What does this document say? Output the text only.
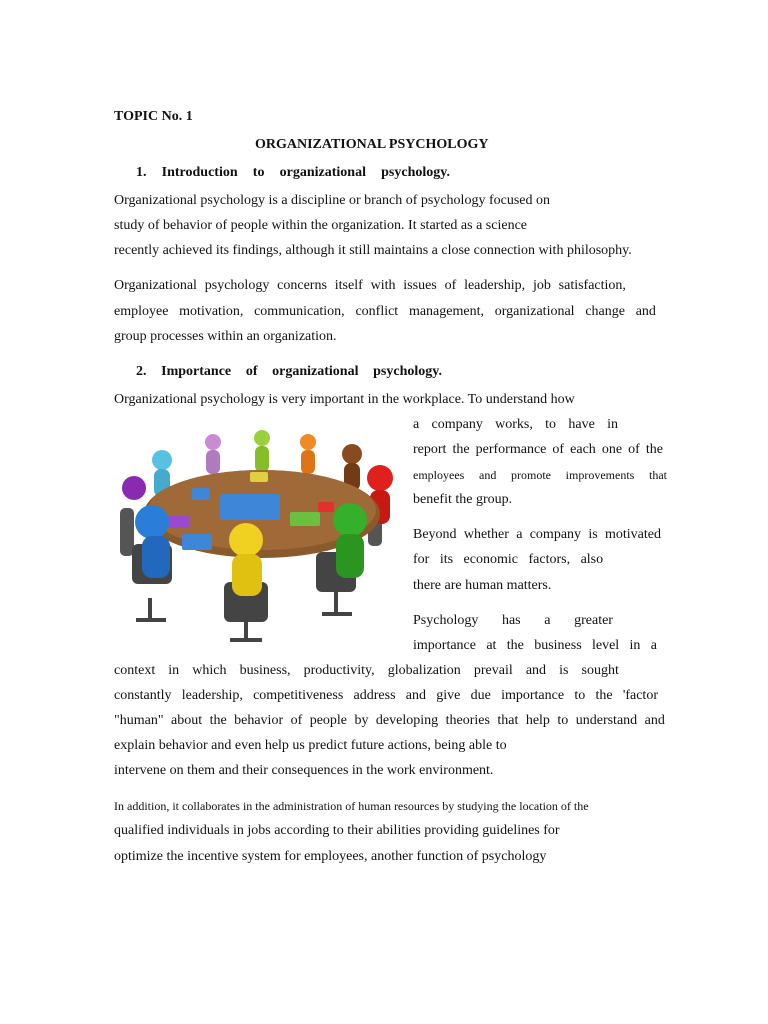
TOPIC No. 1
ORGANIZATIONAL PSYCHOLOGY
1. Introduction to organizational psychology.
Organizational psychology is a discipline or branch of psychology focused on
study of behavior of people within the organization. It started as a science
recently achieved its findings, although it still maintains a close connection with philosophy.
Organizational psychology concerns itself with issues of leadership, job satisfaction,
employee motivation, communication, conflict management, organizational change and
group processes within an organization.
2. Importance of organizational psychology.
Organizational psychology is very important in the workplace. To understand how
a company works, to have in
report the performance of each one of the
employees and promote improvements that
benefit the group.
Beyond whether a company is motivated
for its economic factors, also
there are human matters.
Psychology has a greater
importance at the business level in a
context in which business, productivity, globalization prevail and is sought
constantly leadership, competitiveness address and give due importance to the 'factor
"human" about the behavior of people by developing theories that help to understand and
explain behavior and even help us predict future actions, being able to
intervene on them and their consequences in the work environment.
In addition, it collaborates in the administration of human resources by studying the location of the
qualified individuals in jobs according to their abilities providing guidelines for
optimize the incentive system for employees, another function of psychology
